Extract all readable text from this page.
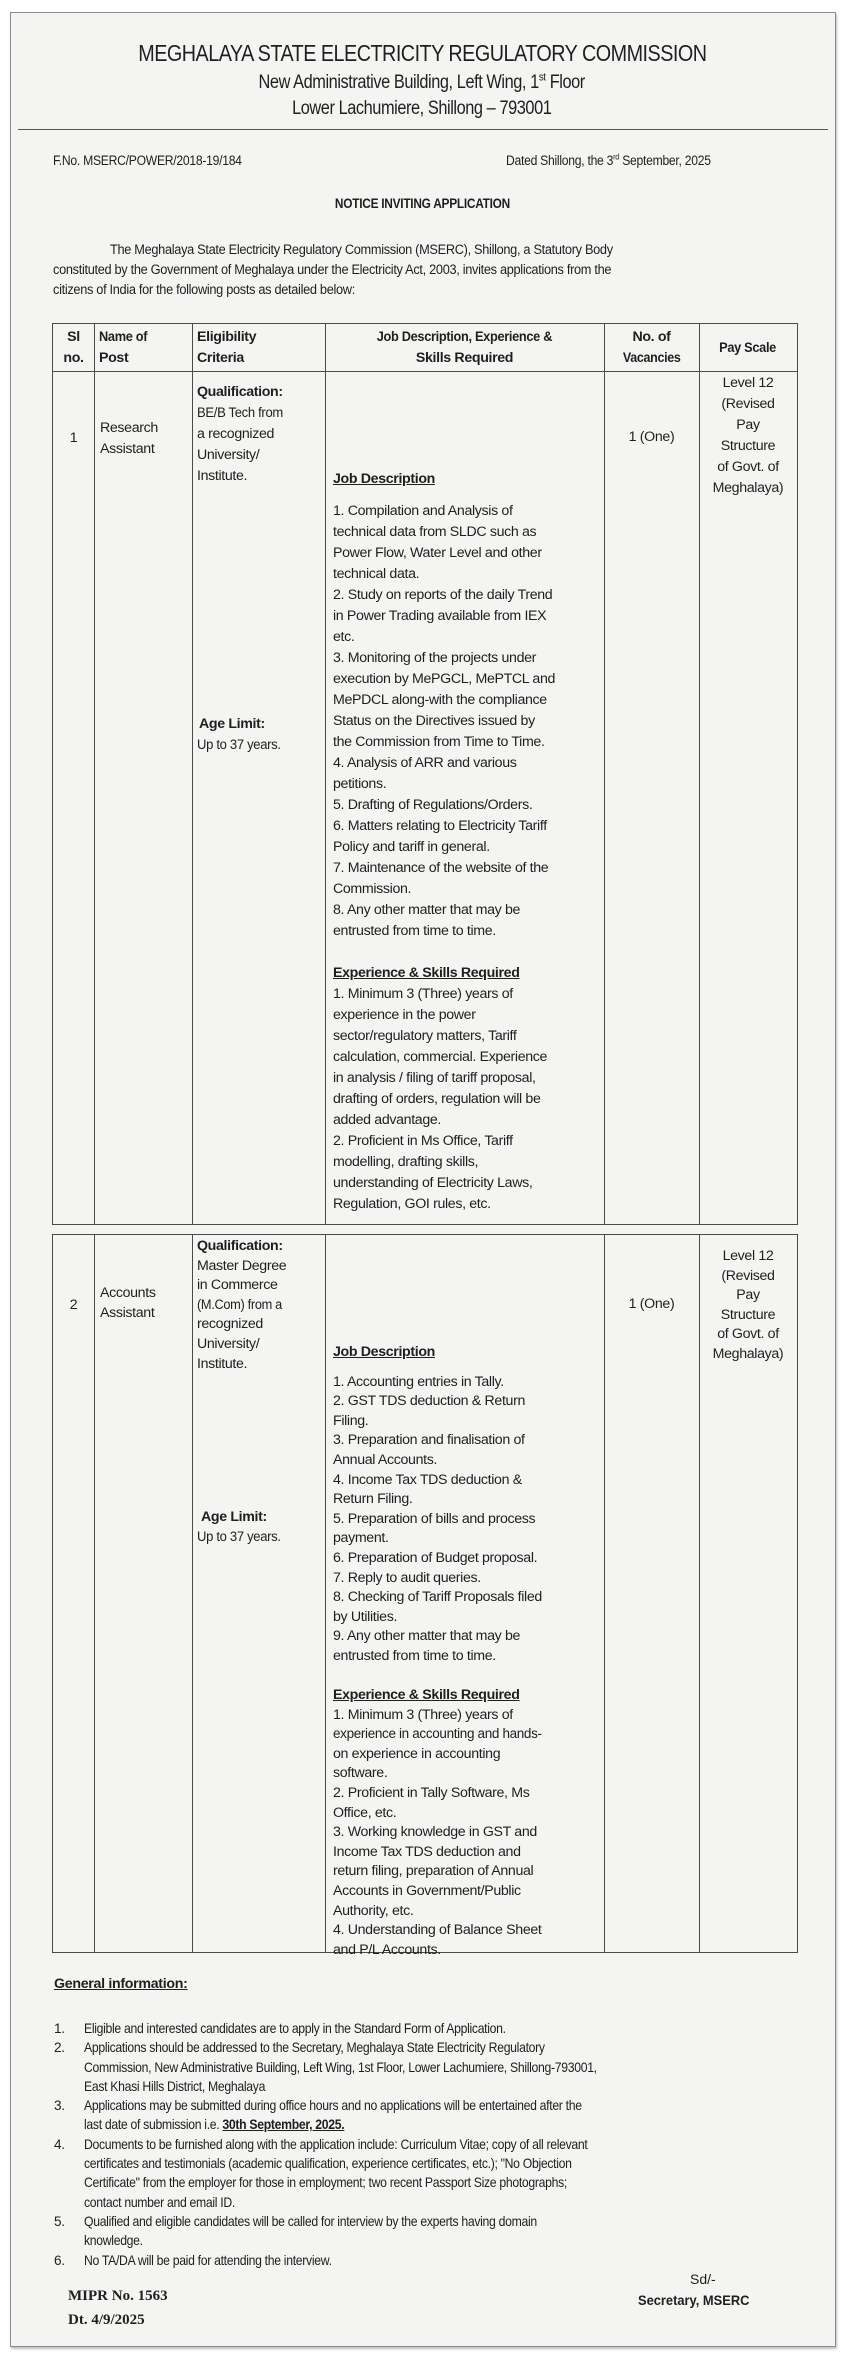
MEGHALAYA STATE ELECTRICITY REGULATORY COMMISSION
New Administrative Building, Left Wing, 1st Floor
Lower Lachumiere, Shillong – 793001
F.No. MSERC/POWER/2018-19/184	Dated Shillong, the 3rd September, 2025
NOTICE INVITING APPLICATION
The Meghalaya State Electricity Regulatory Commission (MSERC), Shillong, a Statutory Body
constituted by the Government of Meghalaya under the Electricity Act, 2003, invites applications from the
citizens of India for the following posts as detailed below:
Sl
no.
Name of
Post
Eligibility
Criteria
Job Description, Experience &
Skills Required
No. of
Vacancies
Pay Scale
1
Research
Assistant
Qualification:
BE/B Tech from
a recognized
University/
Institute.
Age Limit:
Up to 37 years.
Job Description
1. Compilation and Analysis of
technical data from SLDC such as
Power Flow, Water Level and other
technical data.
2. Study on reports of the daily Trend
in Power Trading available from IEX
etc.
3. Monitoring of the projects under
execution by MePGCL, MePTCL and
MePDCL along-with the compliance
Status on the Directives issued by
the Commission from Time to Time.
4. Analysis of ARR and various
petitions.
5. Drafting of Regulations/Orders.
6. Matters relating to Electricity Tariff
Policy and tariff in general.
7. Maintenance of the website of the
Commission.
8. Any other matter that may be
entrusted from time to time.
Experience & Skills Required
1. Minimum 3 (Three) years of
experience in the power
sector/regulatory matters, Tariff
calculation, commercial. Experience
in analysis / filing of tariff proposal,
drafting of orders, regulation will be
added advantage.
2. Proficient in Ms Office, Tariff
modelling, drafting skills,
understanding of Electricity Laws,
Regulation, GOI rules, etc.
1 (One)
Level 12
(Revised
Pay
Structure
of Govt. of
Meghalaya)
2
Accounts
Assistant
Qualification:
Master Degree
in Commerce
(M.Com) from a
recognized
University/
Institute.
Age Limit:
Up to 37 years.
Job Description
1. Accounting entries in Tally.
2. GST TDS deduction & Return
Filing.
3. Preparation and finalisation of
Annual Accounts.
4. Income Tax TDS deduction &
Return Filing.
5. Preparation of bills and process
payment.
6. Preparation of Budget proposal.
7. Reply to audit queries.
8. Checking of Tariff Proposals filed
by Utilities.
9. Any other matter that may be
entrusted from time to time.
Experience & Skills Required
1. Minimum 3 (Three) years of
experience in accounting and hands-
on experience in accounting
software.
2. Proficient in Tally Software, Ms
Office, etc.
3. Working knowledge in GST and
Income Tax TDS deduction and
return filing, preparation of Annual
Accounts in Government/Public
Authority, etc.
4. Understanding of Balance Sheet
and P/L Accounts.
1 (One)
Level 12
(Revised
Pay
Structure
of Govt. of
Meghalaya)
General information:
1. Eligible and interested candidates are to apply in the Standard Form of Application.
2. Applications should be addressed to the Secretary, Meghalaya State Electricity Regulatory
Commission, New Administrative Building, Left Wing, 1st Floor, Lower Lachumiere, Shillong-793001,
East Khasi Hills District, Meghalaya
3. Applications may be submitted during office hours and no applications will be entertained after the
last date of submission i.e. 30th September, 2025.
4. Documents to be furnished along with the application include: Curriculum Vitae; copy of all relevant
certificates and testimonials (academic qualification, experience certificates, etc.); "No Objection
Certificate" from the employer for those in employment; two recent Passport Size photographs;
contact number and email ID.
5. Qualified and eligible candidates will be called for interview by the experts having domain
knowledge.
6. No TA/DA will be paid for attending the interview.
Sd/-
Secretary, MSERC
MIPR No. 1563
Dt. 4/9/2025
